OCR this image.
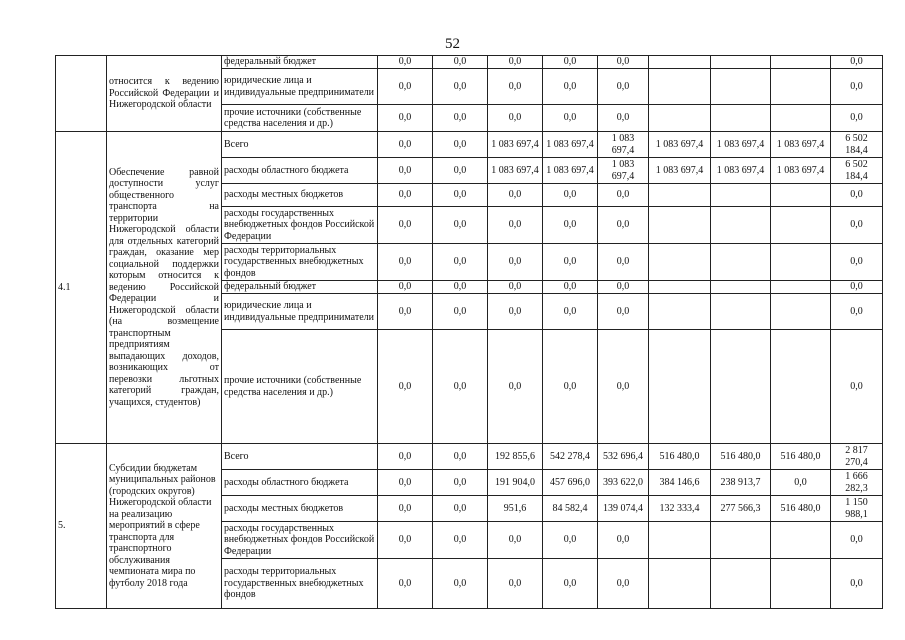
52
	относится к ведению Российской Федерации и Нижегородской области	федеральный бюджет	0,0	0,0	0,0	0,0	0,0				0,0
		юридические лица и индивидуальные предприниматели	0,0	0,0	0,0	0,0	0,0				0,0
		прочие источники (собственные средства населения и др.)	0,0	0,0	0,0	0,0	0,0				0,0
4.1	Обеспечение равной доступности услуг общественного транспорта на территории Нижегородской области для отдельных категорий граждан, оказание мер социальной поддержки которым относится к ведению Российской Федерации и Нижегородской области (на возмещение транспортным предприятиям выпадающих доходов, возникающих от перевозки льготных категорий граждан, учащихся, студентов)	Всего	0,0	0,0	1 083 697,4	1 083 697,4	1 083 697,4	1 083 697,4	1 083 697,4	1 083 697,4	6 502 184,4
		расходы областного бюджета	0,0	0,0	1 083 697,4	1 083 697,4	1 083 697,4	1 083 697,4	1 083 697,4	1 083 697,4	6 502 184,4
		расходы местных бюджетов	0,0	0,0	0,0	0,0	0,0				0,0
		расходы государственных внебюджетных фондов Российской Федерации	0,0	0,0	0,0	0,0	0,0				0,0
		расходы территориальных государственных внебюджетных фондов	0,0	0,0	0,0	0,0	0,0				0,0
		федеральный бюджет	0,0	0,0	0,0	0,0	0,0				0,0
		юридические лица и индивидуальные предприниматели	0,0	0,0	0,0	0,0	0,0				0,0
		прочие источники (собственные средства населения и др.)	0,0	0,0	0,0	0,0	0,0				0,0
5.	Субсидии бюджетам муниципальных районов (городских округов) Нижегородской области на реализацию мероприятий в сфере транспорта для транспортного обслуживания чемпионата мира по футболу 2018 года	Всего	0,0	0,0	192 855,6	542 278,4	532 696,4	516 480,0	516 480,0	516 480,0	2 817 270,4
		расходы областного бюджета	0,0	0,0	191 904,0	457 696,0	393 622,0	384 146,6	238 913,7	0,0	1 666 282,3
		расходы местных бюджетов	0,0	0,0	951,6	84 582,4	139 074,4	132 333,4	277 566,3	516 480,0	1 150 988,1
		расходы государственных внебюджетных фондов Российской Федерации	0,0	0,0	0,0	0,0	0,0				0,0
		расходы территориальных государственных внебюджетных фондов	0,0	0,0	0,0	0,0	0,0				0,0
